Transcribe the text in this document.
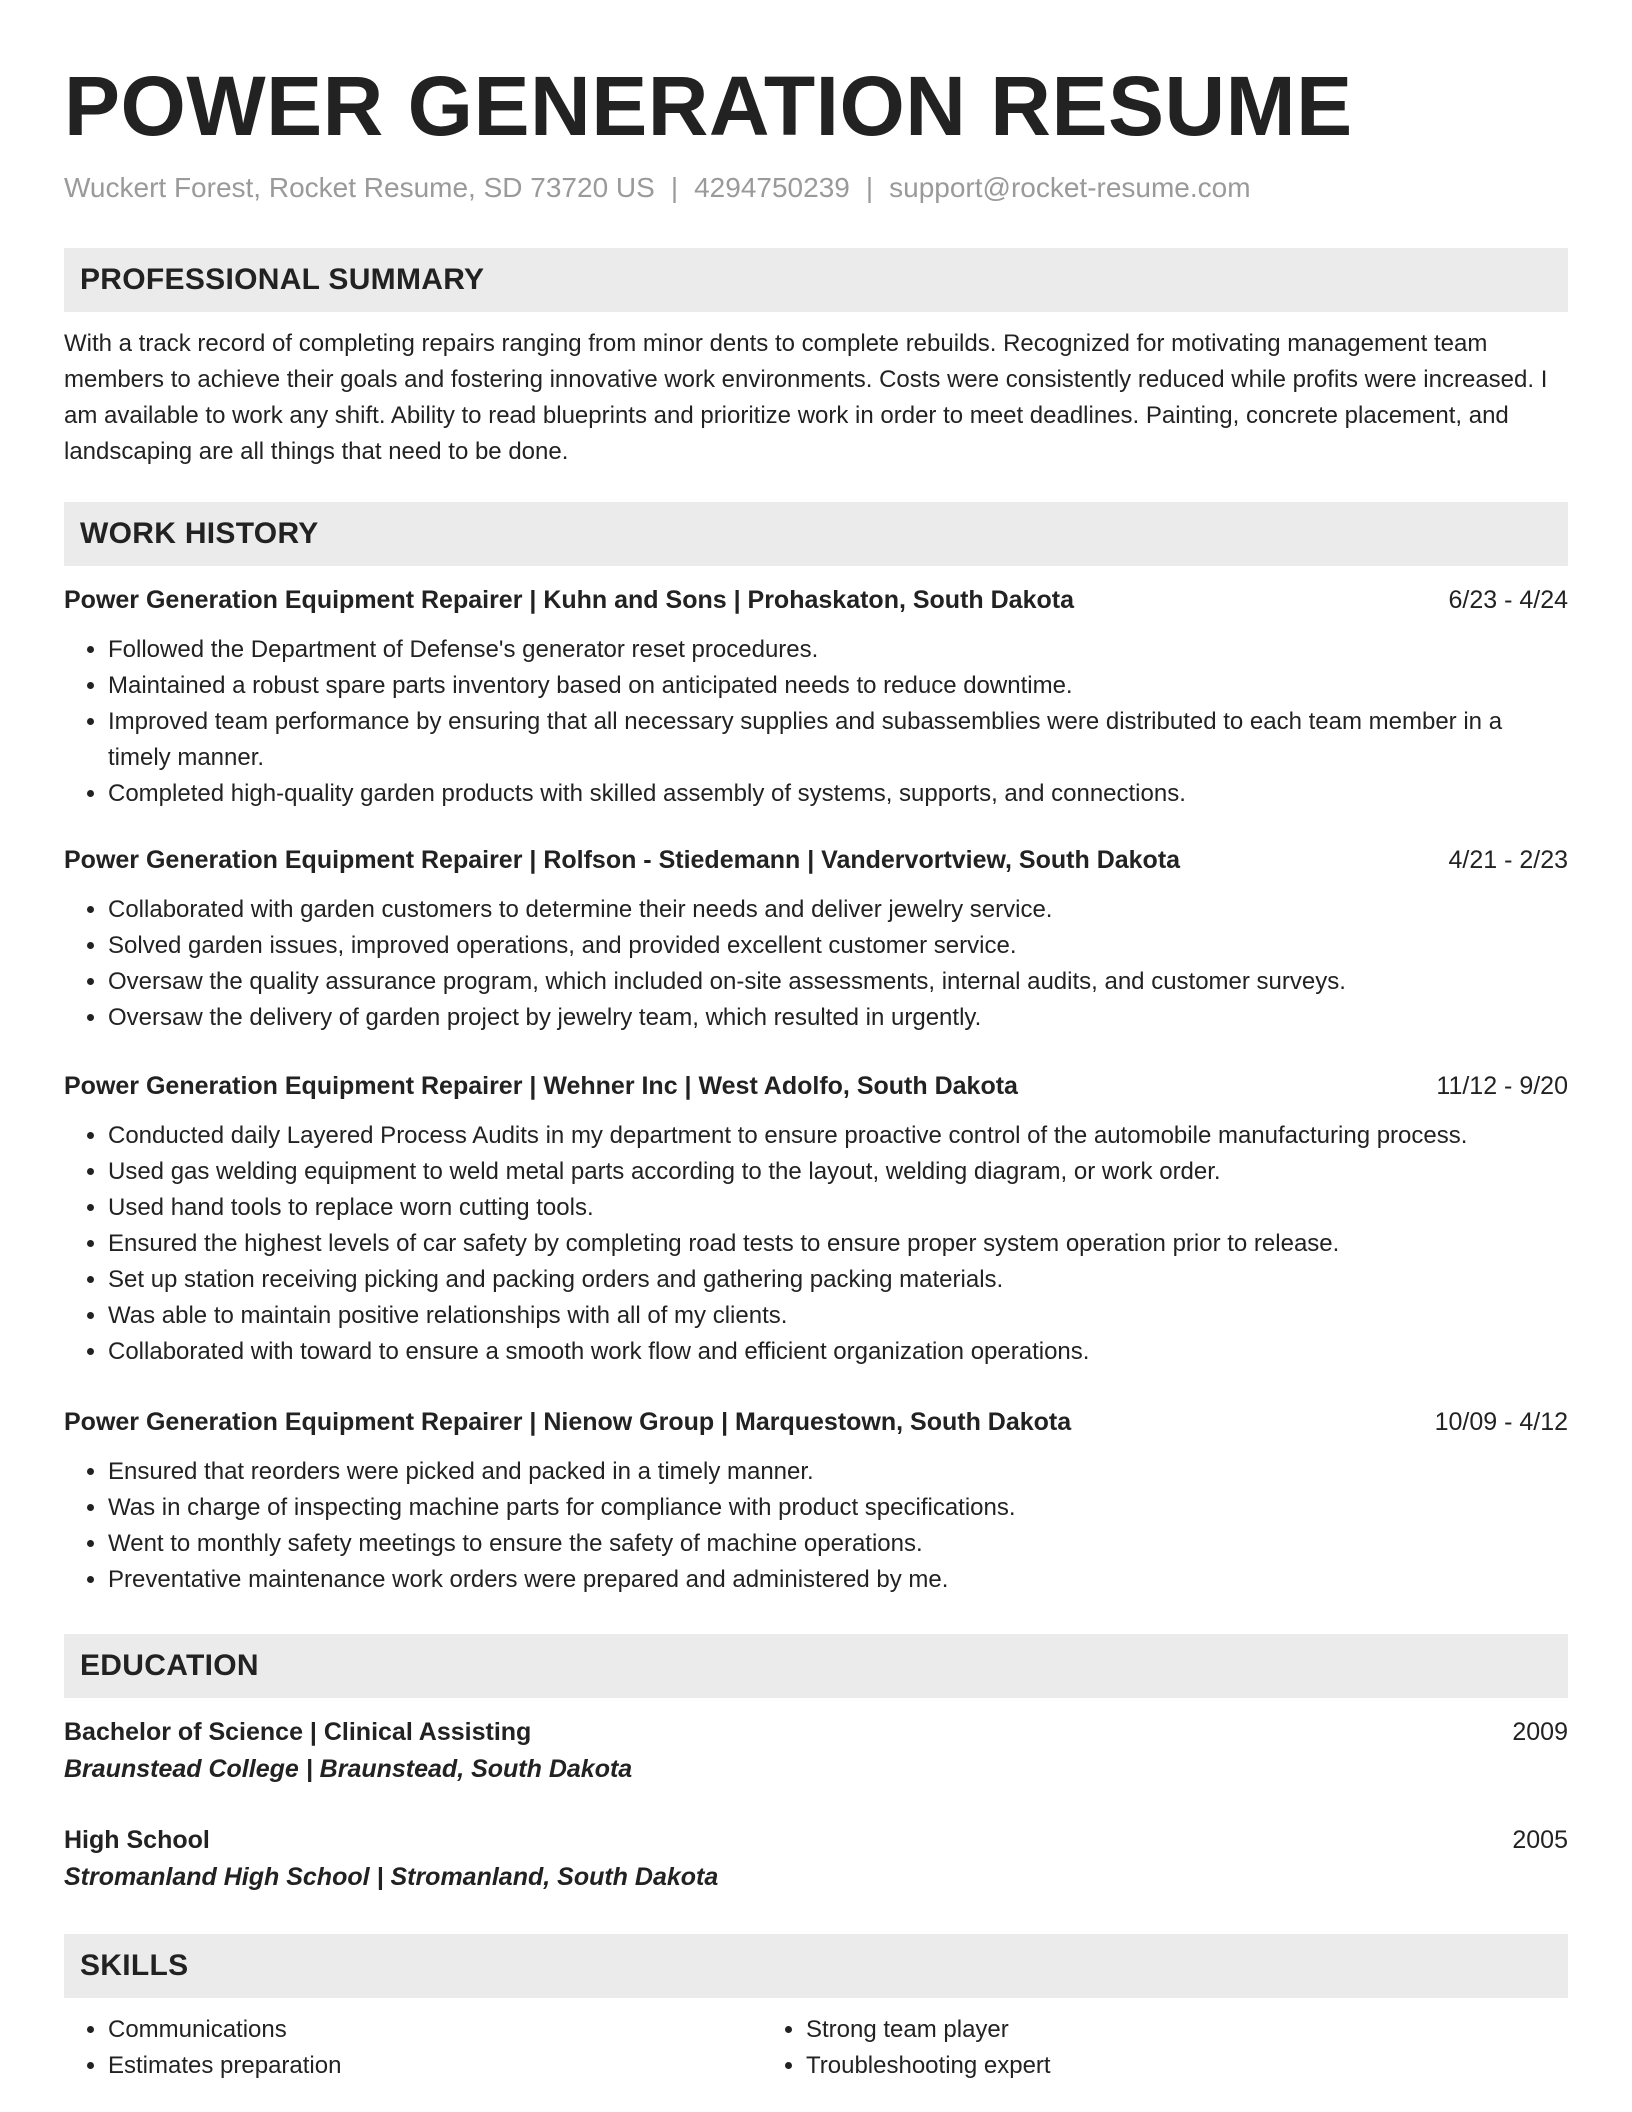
POWER GENERATION RESUME
Wuckert Forest, Rocket Resume, SD 73720 US | 4294750239 | support@rocket-resume.com
PROFESSIONAL SUMMARY

With a track record of completing repairs ranging from minor dents to complete rebuilds. Recognized for motivating management team members to achieve their goals and fostering innovative work environments. Costs were consistently reduced while profits were increased. I am available to work any shift. Ability to read blueprints and prioritize work in order to meet deadlines. Painting, concrete placement, and landscaping are all things that need to be done.

WORK HISTORY
Power Generation Equipment Repairer | Kuhn and Sons | Prohaskaton, South Dakota	6/23 - 4/24
• Followed the Department of Defense's generator reset procedures.
• Maintained a robust spare parts inventory based on anticipated needs to reduce downtime.
• Improved team performance by ensuring that all necessary supplies and subassemblies were distributed to each team member in a timely manner.
• Completed high-quality garden products with skilled assembly of systems, supports, and connections.
Power Generation Equipment Repairer | Rolfson - Stiedemann | Vandervortview, South Dakota	4/21 - 2/23
• Collaborated with garden customers to determine their needs and deliver jewelry service.
• Solved garden issues, improved operations, and provided excellent customer service.
• Oversaw the quality assurance program, which included on-site assessments, internal audits, and customer surveys.
• Oversaw the delivery of garden project by jewelry team, which resulted in urgently.
Power Generation Equipment Repairer | Wehner Inc | West Adolfo, South Dakota	11/12 - 9/20
• Conducted daily Layered Process Audits in my department to ensure proactive control of the automobile manufacturing process.
• Used gas welding equipment to weld metal parts according to the layout, welding diagram, or work order.
• Used hand tools to replace worn cutting tools.
• Ensured the highest levels of car safety by completing road tests to ensure proper system operation prior to release.
• Set up station receiving picking and packing orders and gathering packing materials.
• Was able to maintain positive relationships with all of my clients.
• Collaborated with toward to ensure a smooth work flow and efficient organization operations.
Power Generation Equipment Repairer | Nienow Group | Marquestown, South Dakota	10/09 - 4/12
• Ensured that reorders were picked and packed in a timely manner.
• Was in charge of inspecting machine parts for compliance with product specifications.
• Went to monthly safety meetings to ensure the safety of machine operations.
• Preventative maintenance work orders were prepared and administered by me.
EDUCATION
Bachelor of Science | Clinical Assisting	2009
Braunstead College | Braunstead, South Dakota
High School	2005
Stromanland High School | Stromanland, South Dakota
SKILLS
• Communications
• Estimates preparation
• Strong team player
• Troubleshooting expert
